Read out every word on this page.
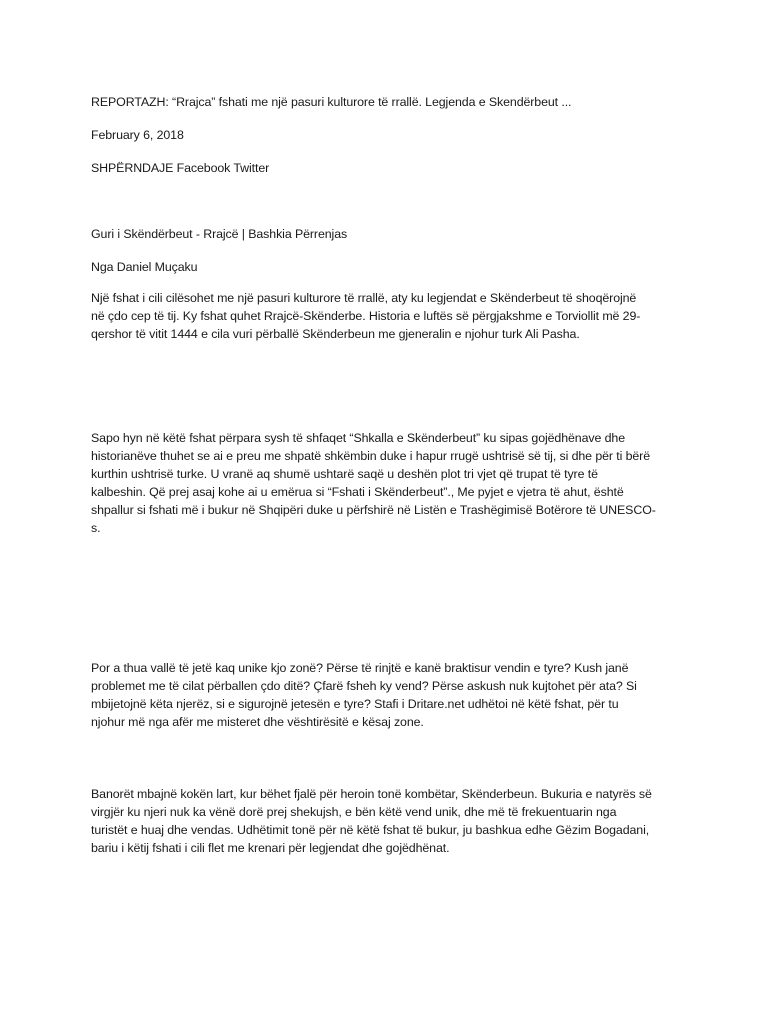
REPORTAZH: “Rrajca” fshati me një pasuri kulturore të rrallë. Legjenda e Skendërbeut ...

February 6, 2018

SHPËRNDAJE Facebook Twitter

Guri i Skëndërbeut - Rrajcë | Bashkia Përrenjas

Nga Daniel Muçaku

Një fshat i cili cilësohet me një pasuri kulturore të rrallë, aty ku legjendat e Skënderbeut të shoqërojnë
në çdo cep të tij. Ky fshat quhet Rrajcë-Skënderbe. Historia e luftës së përgjakshme e Torviollit më 29-
qershor të vitit 1444 e cila vuri përballë Skënderbeun me gjeneralin e njohur turk Ali Pasha.
Sapo hyn në këtë fshat përpara sysh të shfaqet “Shkalla e Skënderbeut” ku sipas gojëdhënave dhe
historianëve thuhet se ai e preu me shpatë shkëmbin duke i hapur rrugë ushtrisë së tij, si dhe për ti bërë
kurthin ushtrisë turke. U vranë aq shumë ushtarë saqë u deshën plot tri vjet që trupat të tyre të
kalbeshin. Që prej asaj kohe ai u emërua si “Fshati i Skënderbeut”., Me pyjet e vjetra të ahut, është
shpallur si fshati më i bukur në Shqipëri duke u përfshirë në Listën e Trashëgimisë Botërore të UNESCO-
s.
Por a thua vallë të jetë kaq unike kjo zonë? Përse të rinjtë e kanë braktisur vendin e tyre? Kush janë
problemet me të cilat përballen çdo ditë? Çfarë fsheh ky vend? Përse askush nuk kujtohet për ata? Si
mbijetojnë këta njerëz, si e sigurojnë jetesën e tyre? Stafi i Dritare.net udhëtoi në këtë fshat, për tu
njohur më nga afër me misteret dhe vështirësitë e kësaj zone.
Banorët mbajnë kokën lart, kur bëhet fjalë për heroin tonë kombëtar, Skënderbeun. Bukuria e natyrës së
virgjër ku njeri nuk ka vënë dorë prej shekujsh, e bën këtë vend unik, dhe më të frekuentuarin nga
turistët e huaj dhe vendas. Udhëtimit tonë për në këtë fshat të bukur, ju bashkua edhe Gëzim Bogadani,
bariu i këtij fshati i cili flet me krenari për legjendat dhe gojëdhënat.
